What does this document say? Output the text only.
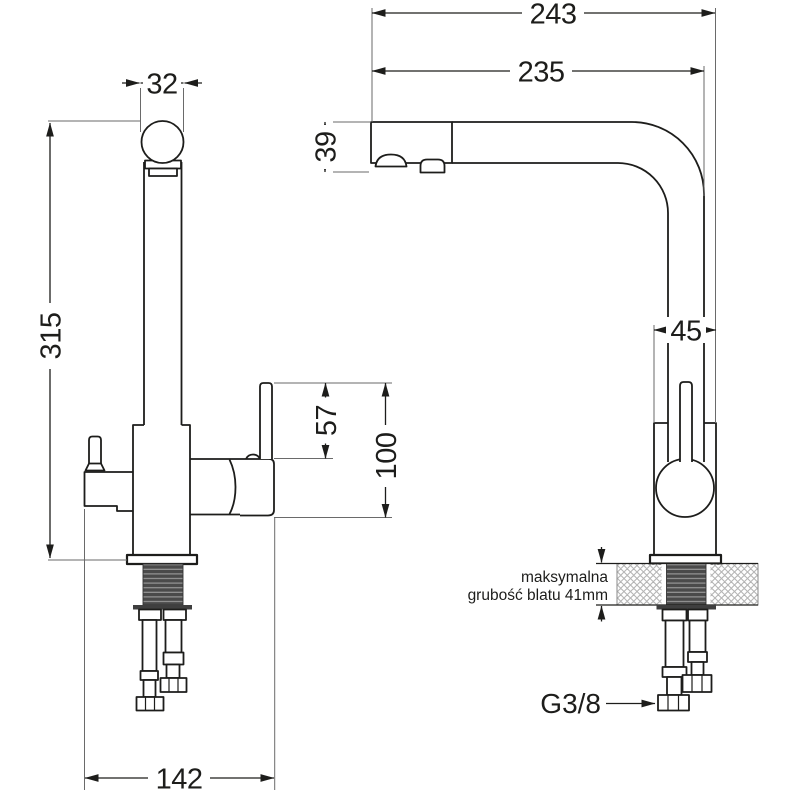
315
32
57
100
142
243
235
39
45
maksymalna
grubość blatu 41mm
G3/8
